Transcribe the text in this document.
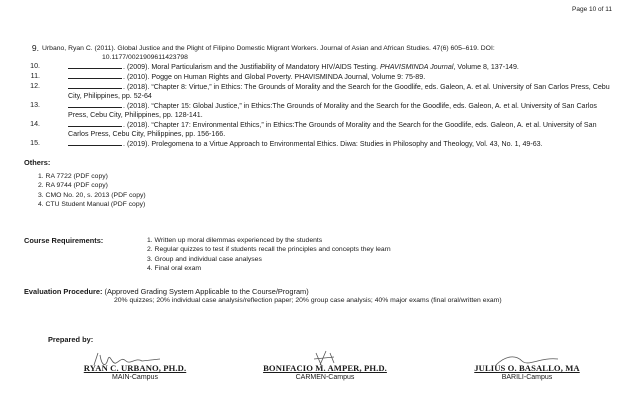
Page 10 of 11
9. Urbano, Ryan C. (2011). Global Justice and the Plight of Filipino Domestic Migrant Workers. Journal of Asian and African Studies. 47(6) 605–619. DOI:
10.1177/0021909611423798
10.	. (2009). Moral Particularism and the Justifiability of Mandatory HIV/AIDS Testing. PHAVISMINDA Journal, Volume 8, 137-149.
11.	. (2010). Pogge on Human Rights and Global Poverty. PHAVISMINDA Journal, Volume 9: 75-89.
12.	. (2018). “Chapter 8: Virtue,” in Ethics: The Grounds of Morality and the Search for the Goodlife, eds. Galeon, A. et al. University of San Carlos Press, Cebu City, Philippines, pp. 52-64
13.	. (2018). “Chapter 15: Global Justice,” in Ethics:The Grounds of Morality and the Search for the Goodlife, eds. Galeon, A. et al. University of San Carlos Press, Cebu City, Philippines, pp. 128-141.
14.	. (2018). “Chapter 17: Environmental Ethics,” in Ethics:The Grounds of Morality and the Search for the Goodlife, eds. Galeon, A. et al. University of San Carlos Press, Cebu City, Philippines, pp. 156-166.
15.	. (2019). Prolegomena to a Virtue Approach to Environmental Ethics. Diwa: Studies in Philosophy and Theology, Vol. 43, No. 1, 49-63.
Others:
1. RA 7722 (PDF copy)
2. RA 9744 (PDF copy)
3. CMO No. 20, s. 2013 (PDF copy)
4. CTU Student Manual (PDF copy)
Course Requirements:	1. Written up moral dilemmas experienced by the students
2. Regular quizzes to test if students recall the principles and concepts they learn
3. Group and individual case analyses
4. Final oral exam
Evaluation Procedure: (Approved Grading System Applicable to the Course/Program)
20% quizzes; 20% individual case analysis/reflection paper; 20% group case analysis; 40% major exams (final oral/written exam)
Prepared by:
RYAN C. URBANO, PH.D.
MAIN-Campus
BONIFACIO M. AMPER, PH.D.
CARMEN-Campus
JULIUS O. BASALLO, MA
BARILI-Campus
